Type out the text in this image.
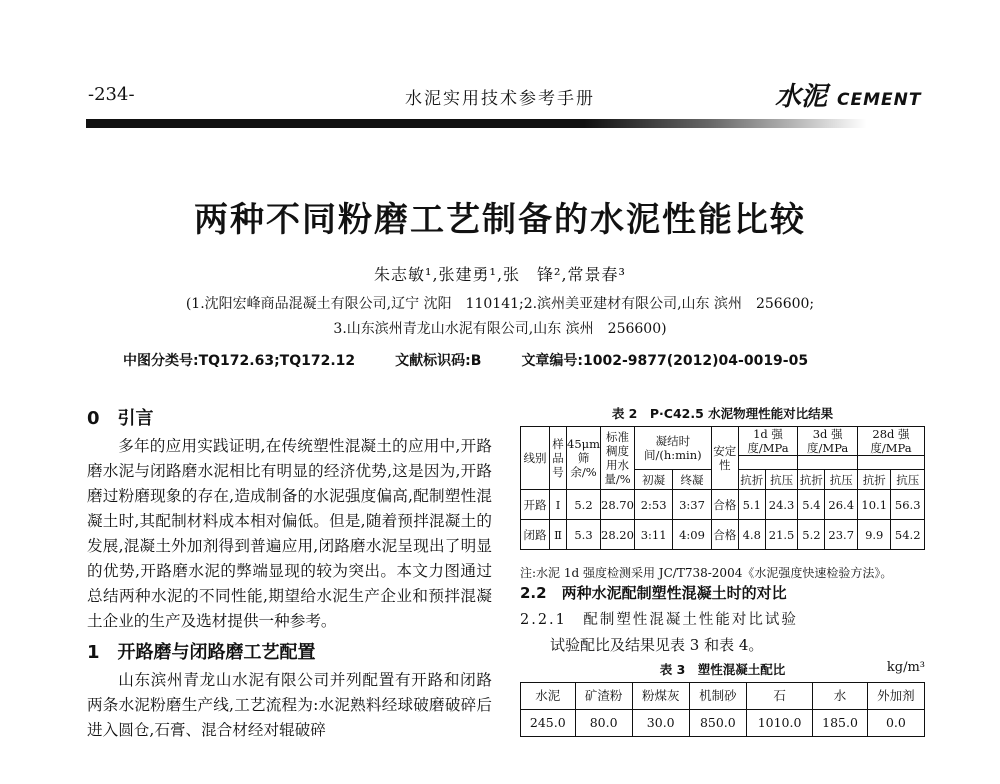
-234-	水泥实用技术参考手册	水泥 CEMENT
两种不同粉磨工艺制备的水泥性能比较
朱志敏¹,张建勇¹,张　锋²,常景春³
(1.沈阳宏峰商品混凝土有限公司,辽宁 沈阳　110141;2.滨州美亚建材有限公司,山东 滨州　256600;
3.山东滨州青龙山水泥有限公司,山东 滨州　256600)
中图分类号:TQ172.63;TQ172.12	文献标识码:B	文章编号:1002-9877(2012)04-0019-05
0　引言

多年的应用实践证明,在传统塑性混凝土的应用中,开路磨水泥与闭路磨水泥相比有明显的经济优势,这是因为,开路磨过粉磨现象的存在,造成制备的水泥强度偏高,配制塑性混凝土时,其配制材料成本相对偏低。但是,随着预拌混凝土的发展,混凝土外加剂得到普遍应用,闭路磨水泥呈现出了明显的优势,开路磨水泥的弊端显现的较为突出。本文力图通过总结两种水泥的不同性能,期望给水泥生产企业和预拌混凝土企业的生产及选材提供一种参考。

1　开路磨与闭路磨工艺配置

山东滨州青龙山水泥有限公司并列配置有开路和闭路两条水泥粉磨生产线,工艺流程为:水泥熟料经球破磨破碎后进入圆仓,石膏、混合材经对辊破碎

表 2　P·C42.5 水泥物理性能对比结果
线别	样品号	45μm筛余/%	标准稠度用水量/%	凝结时间/(h:min)		安定性	1d 强度/MPa		3d 强度/MPa		28d 强度/MPa	

				初凝	终凝		抗折	抗压	抗折	抗压	抗折	抗压
开路	Ⅰ	5.2	28.70	2:53	3:37	合格	5.1	24.3	5.4	26.4	10.1	56.3
闭路	Ⅱ	5.3	28.20	3:11	4:09	合格	4.8	21.5	5.2	23.7	9.9	54.2
注:水泥 1d 强度检测采用 JC/T738-2004《水泥强度快速检验方法》。
2.2　两种水泥配制塑性混凝土时的对比
2.2.1　配制塑性混凝土性能对比试验
试验配比及结果见表 3 和表 4。
表 3　塑性混凝土配比	kg/m³
水泥	矿渣粉	粉煤灰	机制砂	石	水	外加剂
245.0	80.0	30.0	850.0	1010.0	185.0	0.0
